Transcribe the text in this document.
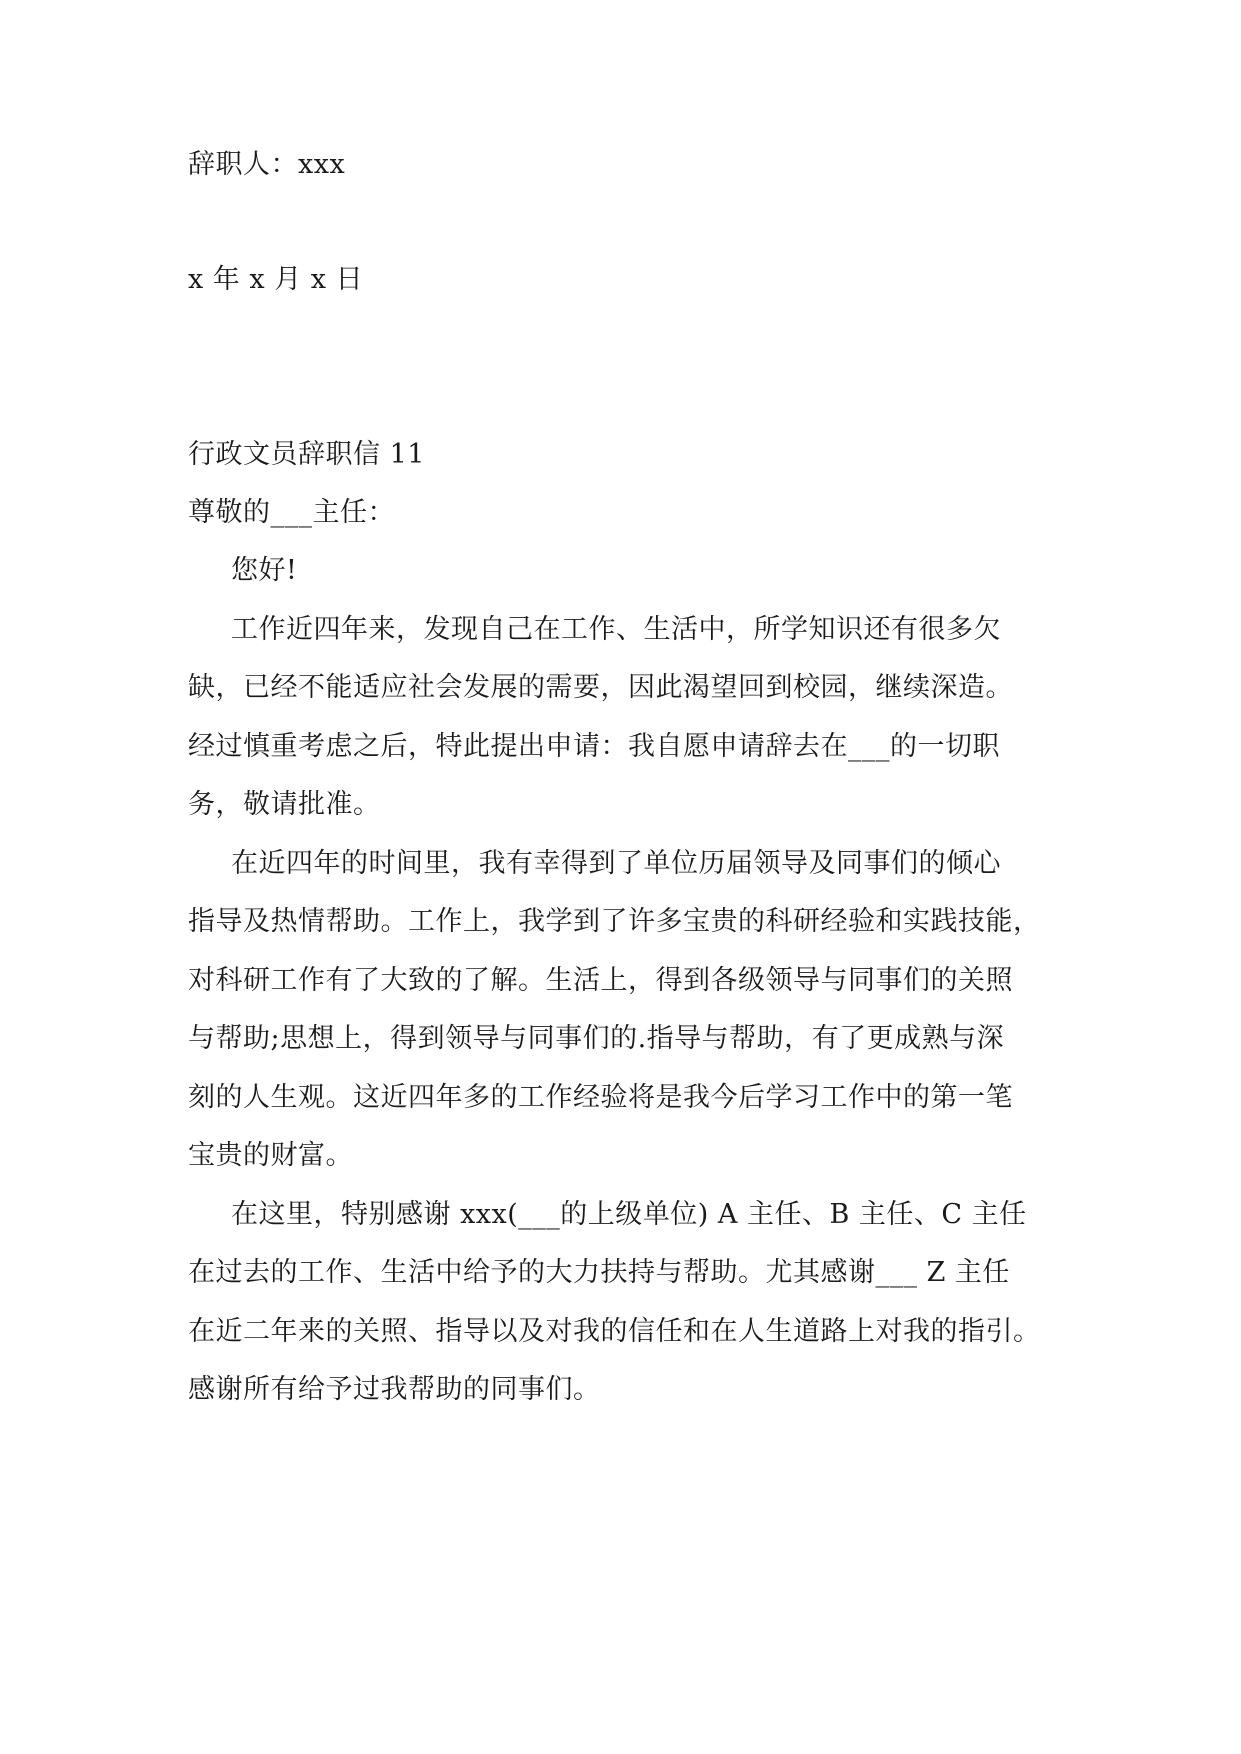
辞职人：xxx
x 年 x 月 x 日
行政文员辞职信 11
尊敬的___主任：
您好!
工作近四年来，发现自己在工作、生活中，所学知识还有很多欠
缺，已经不能适应社会发展的需要，因此渴望回到校园，继续深造。
经过慎重考虑之后，特此提出申请：我自愿申请辞去在___的一切职
务，敬请批准。
在近四年的时间里，我有幸得到了单位历届领导及同事们的倾心
指导及热情帮助。工作上，我学到了许多宝贵的科研经验和实践技能，
对科研工作有了大致的了解。生活上，得到各级领导与同事们的关照
与帮助;思想上，得到领导与同事们的.指导与帮助，有了更成熟与深
刻的人生观。这近四年多的工作经验将是我今后学习工作中的第一笔
宝贵的财富。
在这里，特别感谢 xxx(___的上级单位) A 主任、B 主任、C 主任
在过去的工作、生活中给予的大力扶持与帮助。尤其感谢___ Z 主任
在近二年来的关照、指导以及对我的信任和在人生道路上对我的指引。
感谢所有给予过我帮助的同事们。
